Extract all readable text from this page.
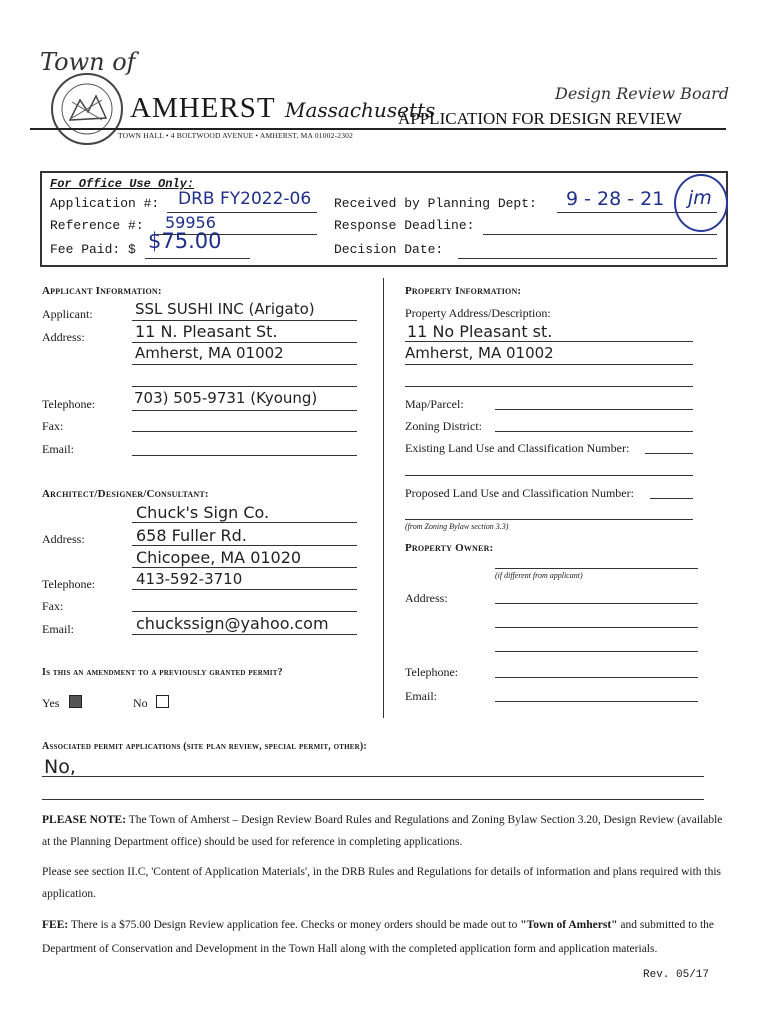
Town of
AMHERST Massachusetts
TOWN HALL • 4 BOLTWOOD AVENUE • AMHERST, MA 01002-2302
Design Review Board
APPLICATION FOR DESIGN REVIEW
For Office Use Only:
Application #: DRB FY2022-06
Reference #: 59956
Fee Paid: $ $75.00
Received by Planning Dept: 9 - 28 - 21 jm
Response Deadline:
Decision Date:
Applicant Information:
Applicant:	SSL SUSHI INC (Arigato)
Address:	11 N. Pleasant St.
Amherst, MA 01002
Telephone:	703) 505-9731 (Kyoung)
Fax:
Email:
Architect/Designer/Consultant:
Chuck's Sign Co.
Address:	658 Fuller Rd.
Chicopee, MA 01020
Telephone:	413-592-3710
Fax:
Email:	chuckssign@yahoo.com
Is this an amendment to a previously granted permit?
Yes	No
Property Information:
Property Address/Description:
11 No Pleasant st.
Amherst, MA 01002
Map/Parcel:
Zoning District:
Existing Land Use and Classification Number:
Proposed Land Use and Classification Number:
(from Zoning Bylaw section 3.3)
Property Owner:
(if different from applicant)
Address:
Telephone:
Email:
Associated permit applications (site plan review, special permit, other):
No,
PLEASE NOTE: The Town of Amherst – Design Review Board Rules and Regulations and Zoning Bylaw Section 3.20, Design Review (available at the Planning Department office) should be used for reference in completing applications.
Please see section II.C, 'Content of Application Materials', in the DRB Rules and Regulations for details of information and plans required with this application.
FEE: There is a $75.00 Design Review application fee. Checks or money orders should be made out to "Town of Amherst" and submitted to the Department of Conservation and Development in the Town Hall along with the completed application form and application materials.
Rev. 05/17
